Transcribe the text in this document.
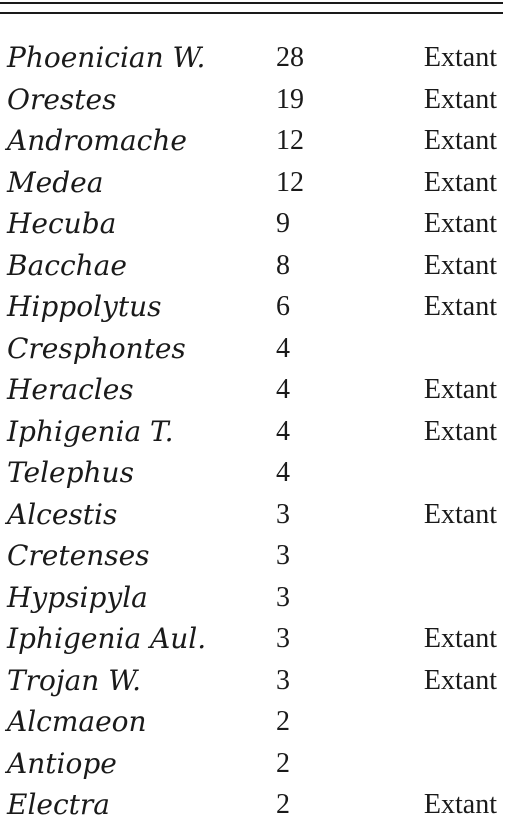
Phoenician W.	28	Extant
Orestes	19	Extant
Andromache	12	Extant
Medea	12	Extant
Hecuba	9	Extant
Bacchae	8	Extant
Hippolytus	6	Extant
Cresphontes	4
Heracles	4	Extant
Iphigenia T.	4	Extant
Telephus	4
Alcestis	3	Extant
Cretenses	3
Hypsipyla	3
Iphigenia Aul. 3	Extant
Trojan W.	3	Extant
Alcmaeon	2
Antiope	2
Electra	2	Extant
